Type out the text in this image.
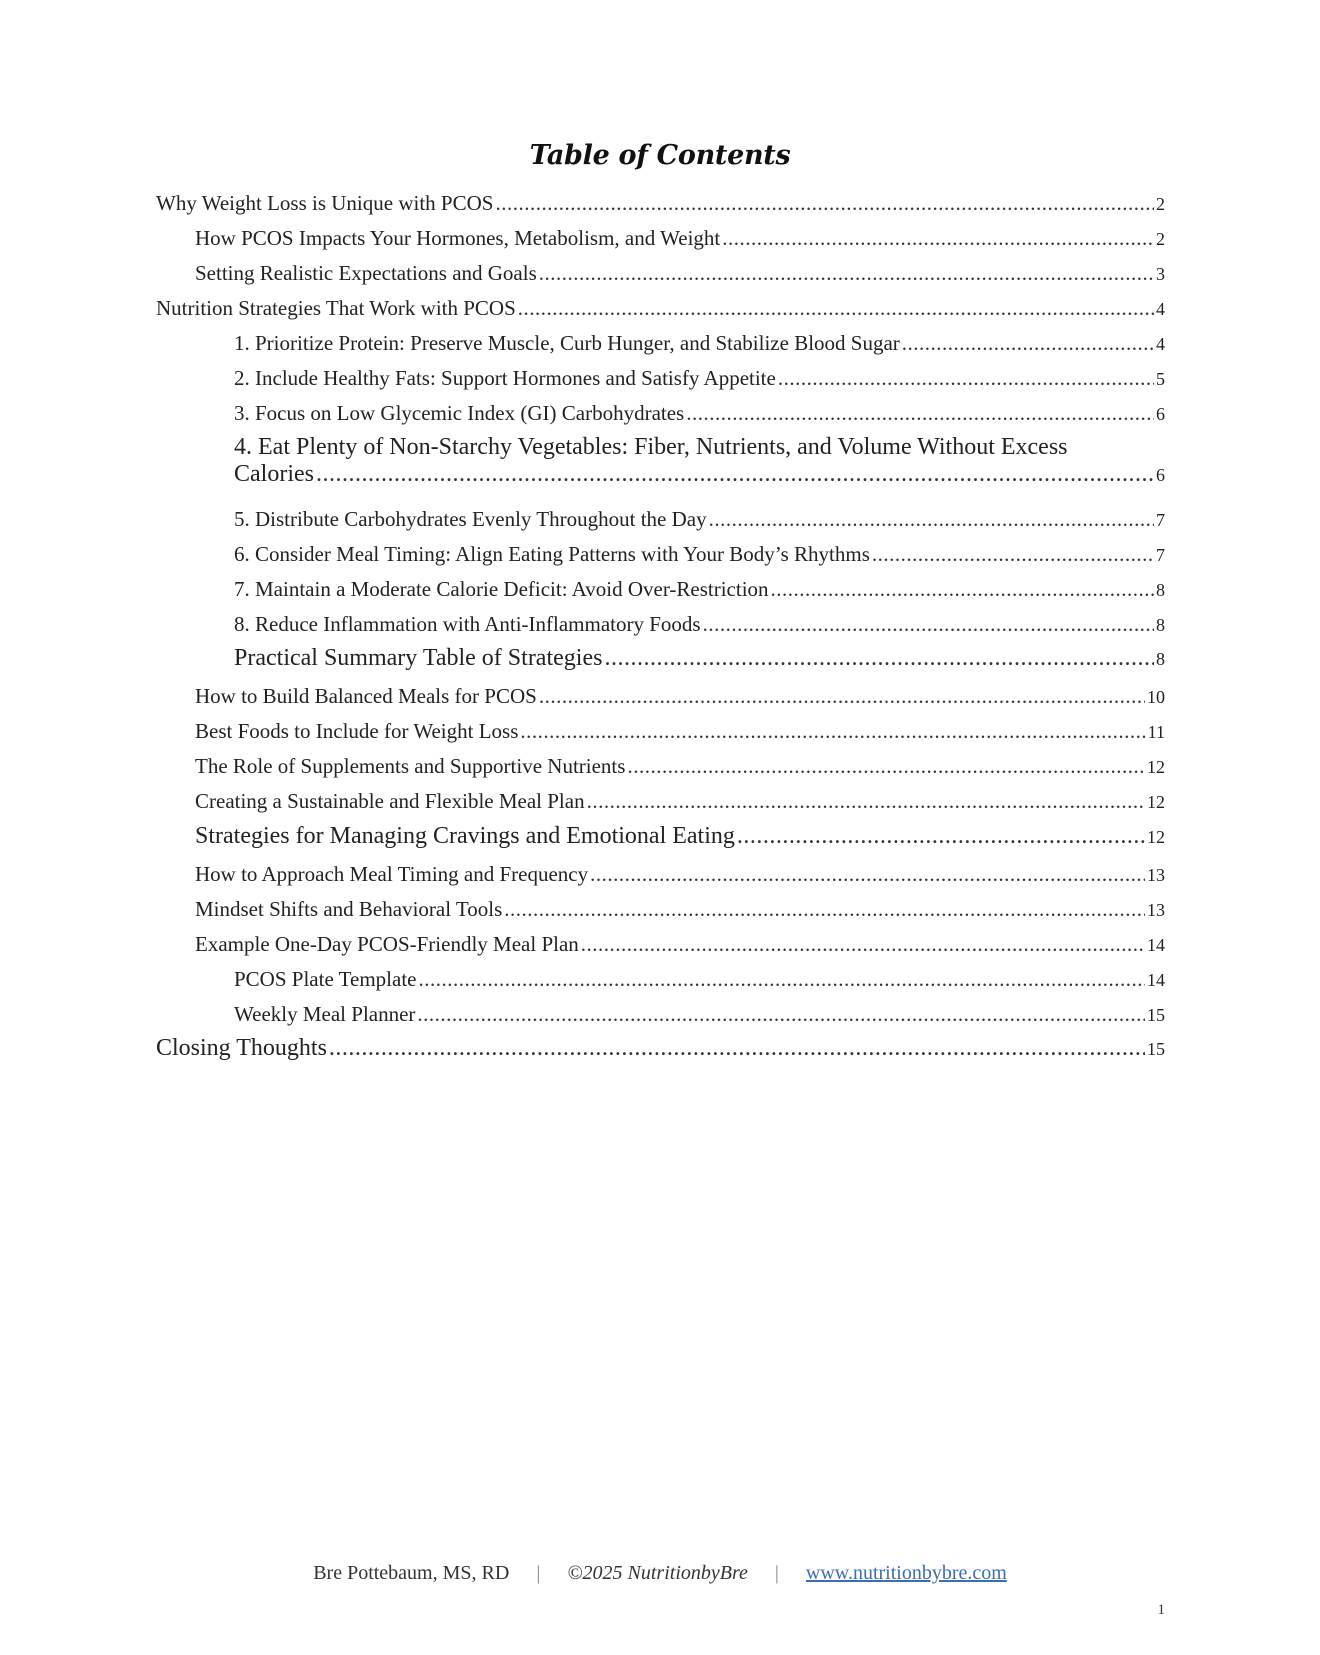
Table of Contents
Why Weight Loss is Unique with PCOS .....	2
How PCOS Impacts Your Hormones, Metabolism, and Weight .....	2
Setting Realistic Expectations and Goals .....	3
Nutrition Strategies That Work with PCOS .....	4
1. Prioritize Protein: Preserve Muscle, Curb Hunger, and Stabilize Blood Sugar .....	4
2. Include Healthy Fats: Support Hormones and Satisfy Appetite .....	5
3. Focus on Low Glycemic Index (GI) Carbohydrates .....	6
4. Eat Plenty of Non-Starchy Vegetables: Fiber, Nutrients, and Volume Without Excess
Calories .....	6
5. Distribute Carbohydrates Evenly Throughout the Day .....	7
6. Consider Meal Timing: Align Eating Patterns with Your Body’s Rhythms .....	7
7. Maintain a Moderate Calorie Deficit: Avoid Over-Restriction .....	8
8. Reduce Inflammation with Anti-Inflammatory Foods .....	8
Practical Summary Table of Strategies .....	8
How to Build Balanced Meals for PCOS .....	10
Best Foods to Include for Weight Loss .....	11
The Role of Supplements and Supportive Nutrients .....	12
Creating a Sustainable and Flexible Meal Plan .....	12
Strategies for Managing Cravings and Emotional Eating .....	12
How to Approach Meal Timing and Frequency .....	13
Mindset Shifts and Behavioral Tools .....	13
Example One-Day PCOS-Friendly Meal Plan .....	14
PCOS Plate Template .....	14
Weekly Meal Planner .....	15
Closing Thoughts .....	15
Bre Pottebaum, MS, RD | ©2025 NutritionbyBre | www.nutritionbybre.com
1
